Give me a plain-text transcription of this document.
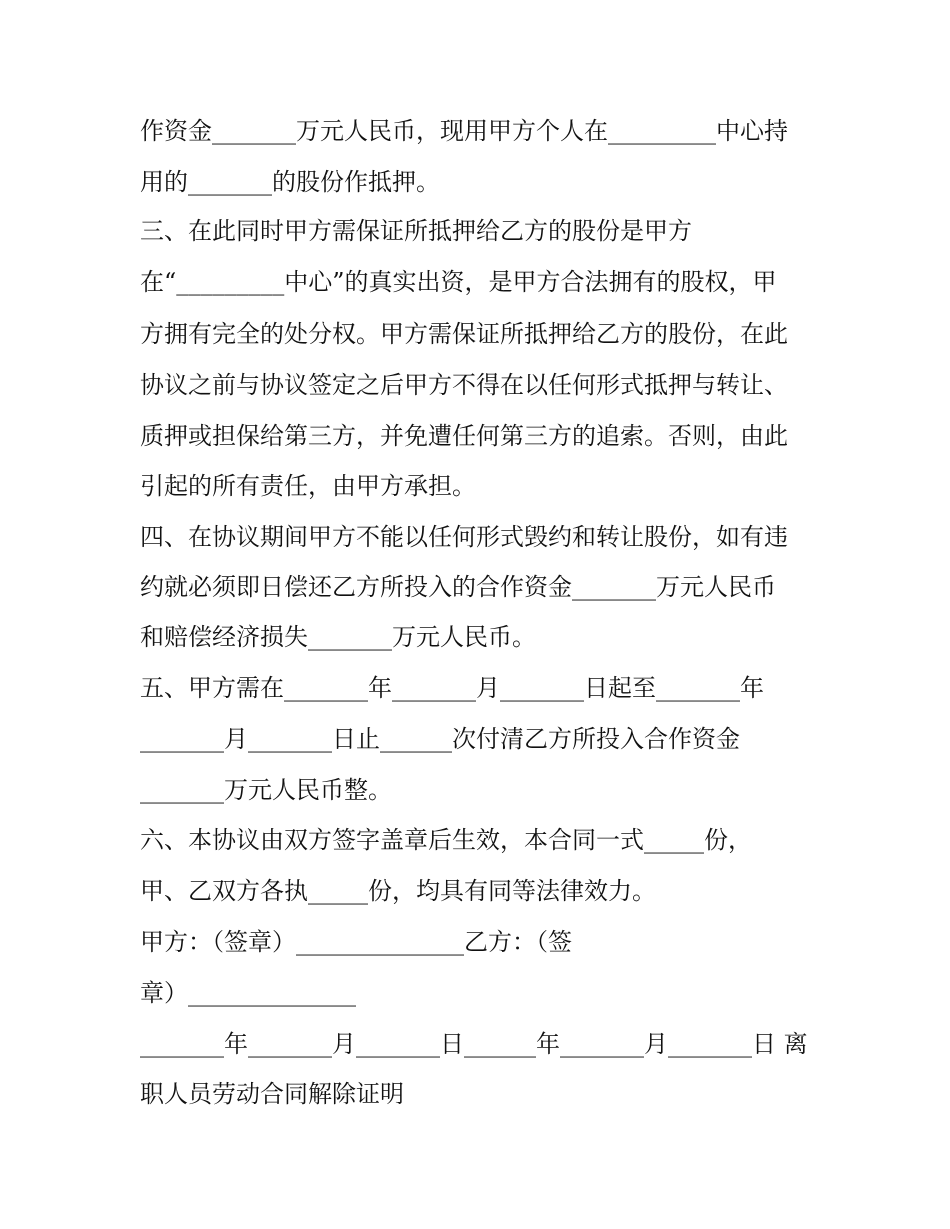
作资金_______万元人民币，现用甲方个人在_________中心持
用的_______的股份作抵押。
三、在此同时甲方需保证所抵押给乙方的股份是甲方
在“_________中心”的真实出资，是甲方合法拥有的股权，甲
方拥有完全的处分权。甲方需保证所抵押给乙方的股份，在此
协议之前与协议签定之后甲方不得在以任何形式抵押与转让、
质押或担保给第三方，并免遭任何第三方的追索。否则，由此
引起的所有责任，由甲方承担。
四、在协议期间甲方不能以任何形式毁约和转让股份，如有违
约就必须即日偿还乙方所投入的合作资金_______万元人民币
和赔偿经济损失_______万元人民币。
五、甲方需在_______年_______月_______日起至_______年
_______月_______日止______次付清乙方所投入合作资金
_______万元人民币整。
六、本协议由双方签字盖章后生效，本合同一式_____份，
甲、乙双方各执_____份，均具有同等法律效力。
甲方：（签章）______________乙方：（签
章）______________
_______年_______月_______日______年_______月_______日 离
职人员劳动合同解除证明
